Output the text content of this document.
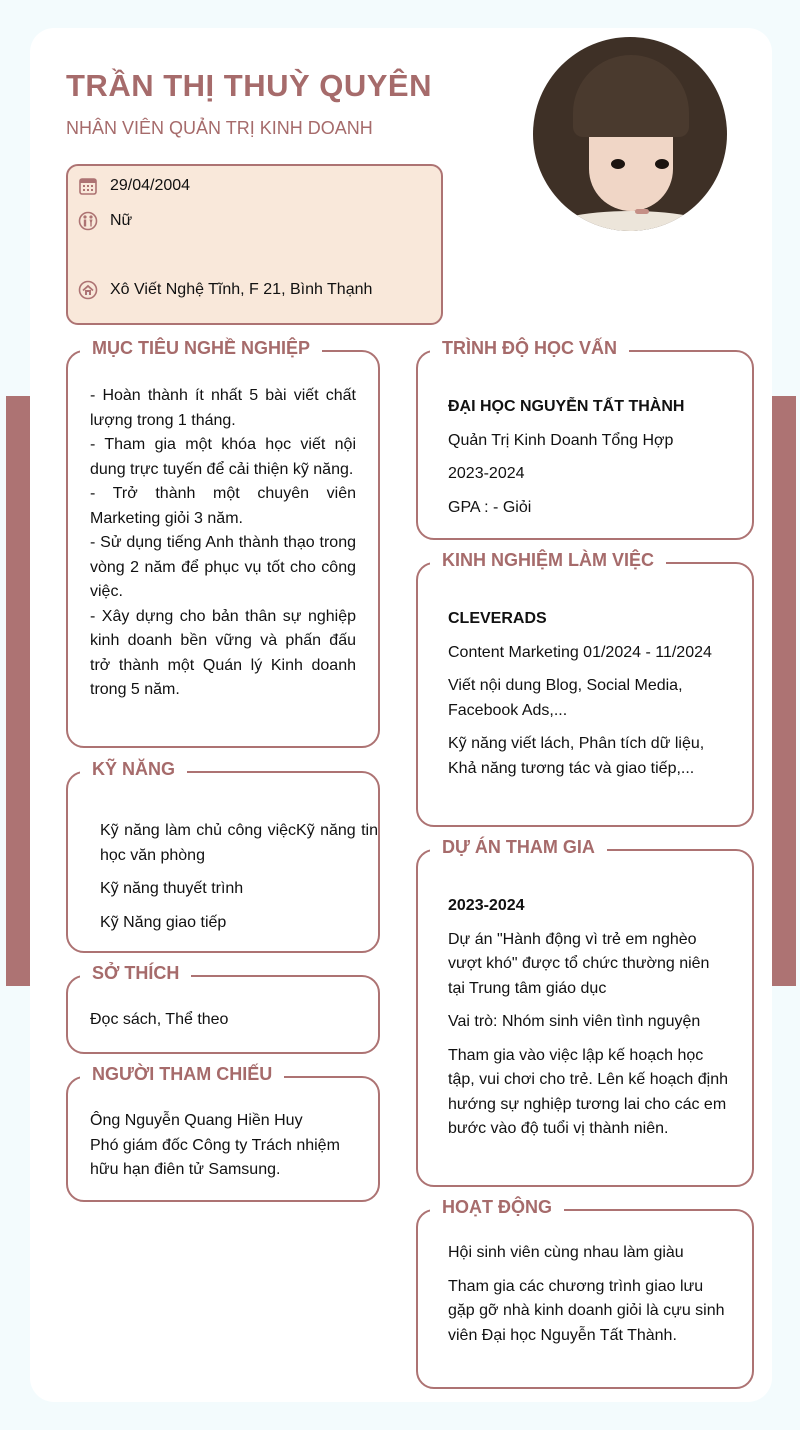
TRẦN THỊ THUỲ QUYÊN
NHÂN VIÊN QUẢN TRỊ KINH DOANH
29/04/2004
Nữ
Xô Viết Nghệ Tĩnh, F 21, Bình Thạnh
MỤC TIÊU NGHỀ NGHIỆP

- Hoàn thành ít nhất 5 bài viết chất lượng trong 1 tháng.

- Tham gia một khóa học viết nội dung trực tuyến để cải thiện kỹ năng.

- Trở thành một chuyên viên Marketing giỏi 3 năm.

- Sử dụng tiếng Anh thành thạo trong vòng 2 năm để phục vụ tốt cho công việc.

- Xây dựng cho bản thân sự nghiệp kinh doanh bền vững và phấn đấu trở thành một Quán lý Kinh doanh trong 5 năm.

KỸ NĂNG

Kỹ năng làm chủ công việcKỹ năng tin học văn phòng

Kỹ năng thuyết trình

Kỹ Năng giao tiếp

SỞ THÍCH

Đọc sách, Thể theo

NGƯỜI THAM CHIẾU

Ông Nguyễn Quang Hiền Huy

Phó giám đốc Công ty Trách nhiệm hữu hạn điên tử Samsung.

TRÌNH ĐỘ HỌC VẤN

ĐẠI HỌC NGUYỄN TẤT THÀNH

Quản Trị Kinh Doanh Tổng Hợp

2023-2024

GPA : - Giỏi

KINH NGHIỆM LÀM VIỆC

CLEVERADS

Content Marketing 01/2024 - 11/2024

Viết nội dung Blog, Social Media, Facebook Ads,...

Kỹ năng viết lách, Phân tích dữ liệu, Khả năng tương tác và giao tiếp,...

DỰ ÁN THAM GIA

2023-2024

Dự án "Hành động vì trẻ em nghèo vượt khó" được tổ chức thường niên tại Trung tâm giáo dục

Vai trò: Nhóm sinh viên tình nguyện

Tham gia vào việc lập kế hoạch học tập, vui chơi cho trẻ. Lên kế hoạch định hướng sự nghiệp tương lai cho các em bước vào độ tuổi vị thành niên.

HOẠT ĐỘNG

Hội sinh viên cùng nhau làm giàu

Tham gia các chương trình giao lưu gặp gỡ nhà kinh doanh giỏi là cựu sinh viên Đại học Nguyễn Tất Thành.
